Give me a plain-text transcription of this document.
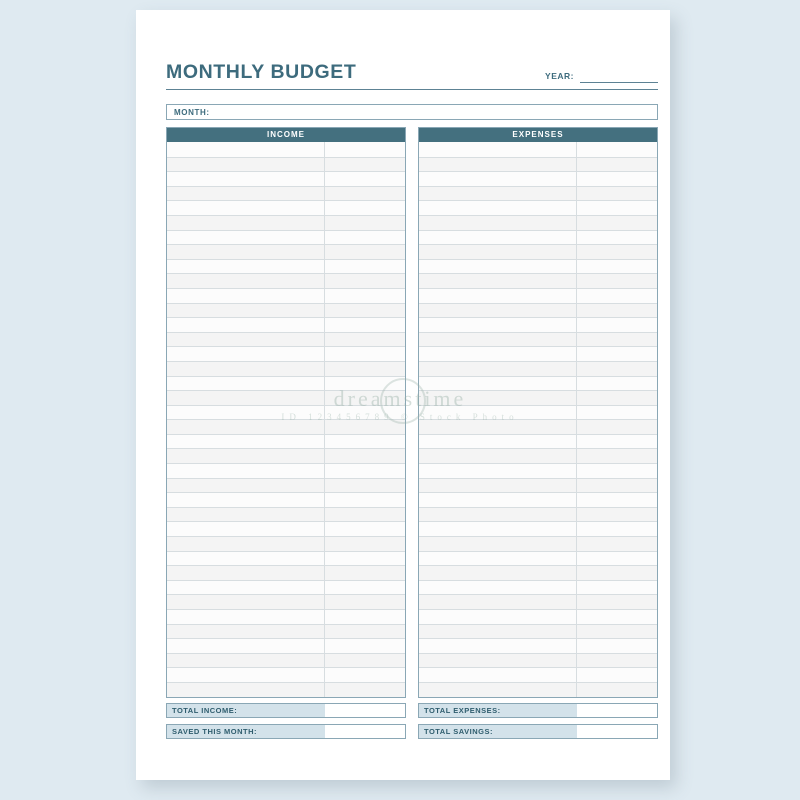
MONTHLY BUDGET	YEAR:
MONTH:
INCOME
TOTAL INCOME:
EXPENSES
TOTAL EXPENSES:
SAVED THIS MONTH:	TOTAL SAVINGS:
dreamstime
ID 123456789 © Stock Photo
